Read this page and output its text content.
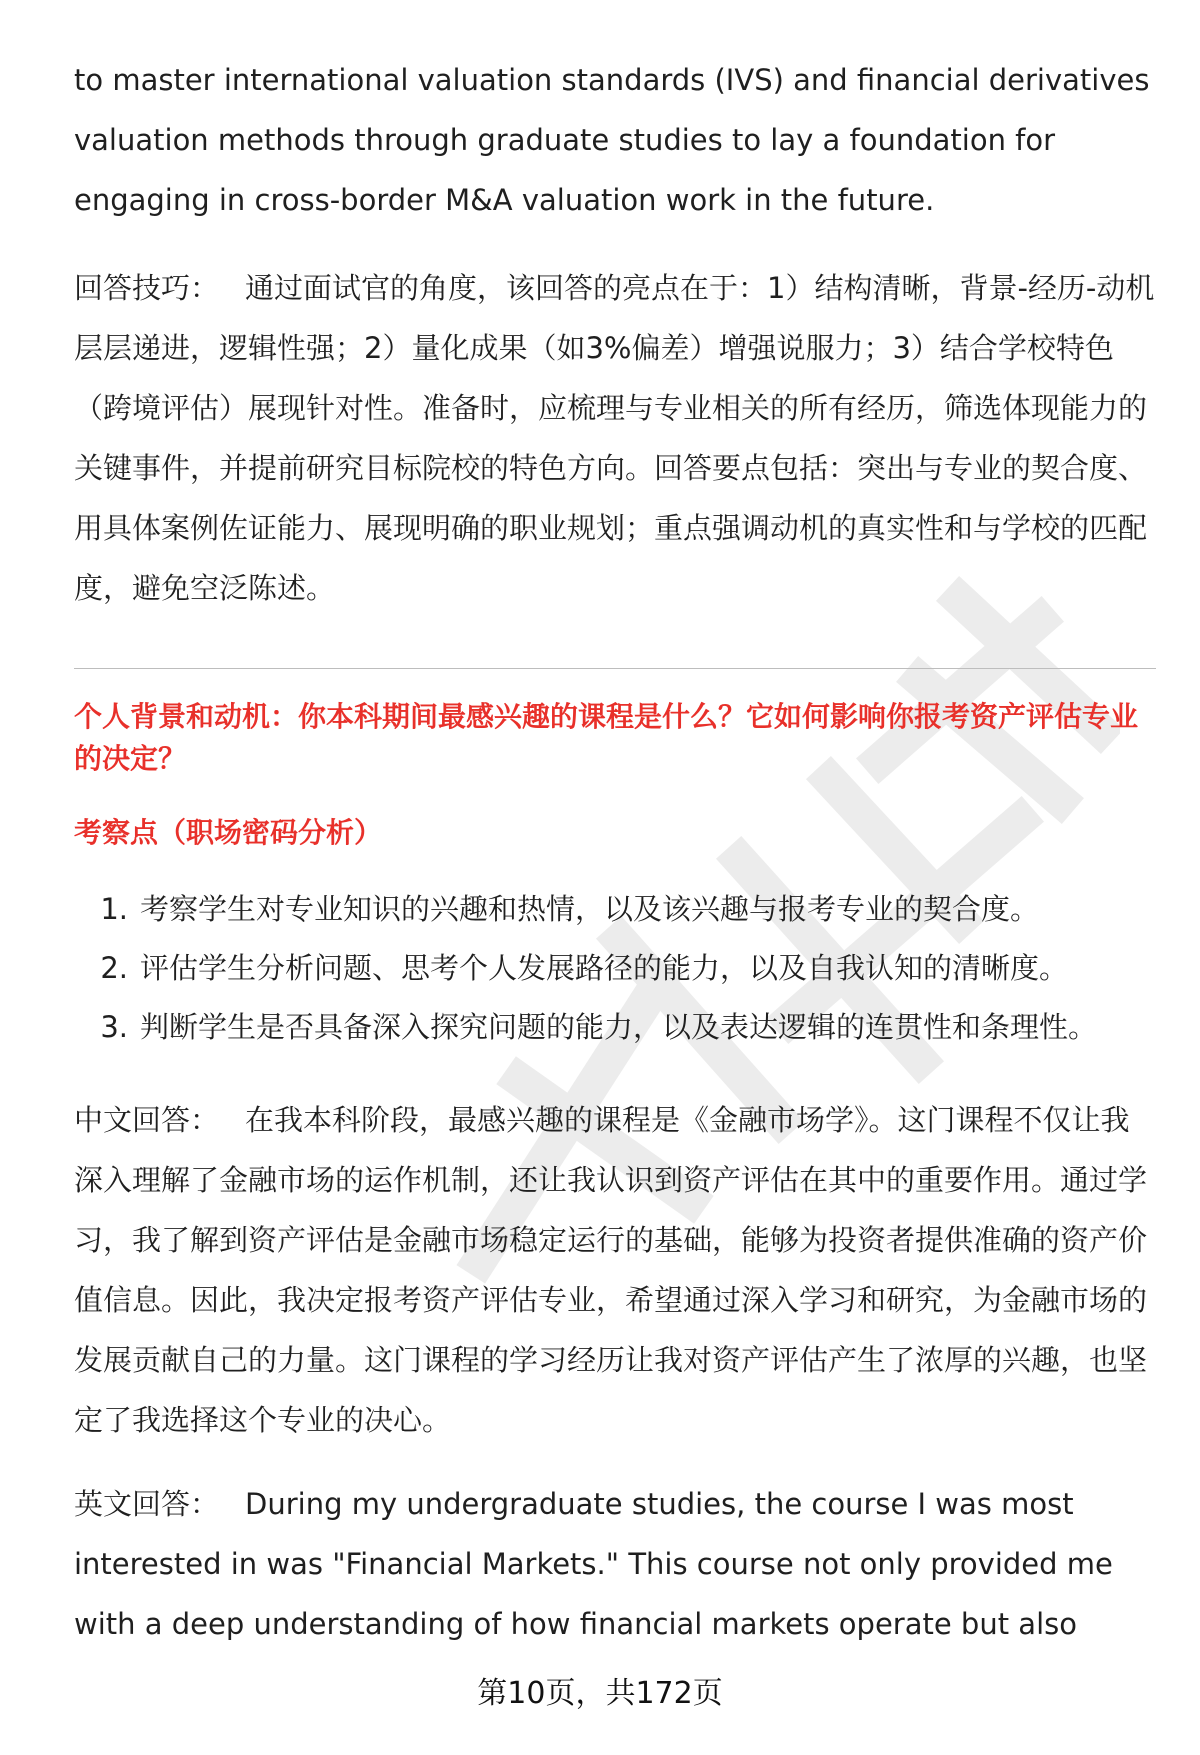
to master international valuation standards (IVS) and financial derivatives valuation methods through graduate studies to lay a foundation for engaging in cross-border M&A valuation work in the future.

回答技巧： 通过面试官的角度，该回答的亮点在于：1）结构清晰，背景-经历-动机层层递进，逻辑性强；2）量化成果（如3%偏差）增强说服力；3）结合学校特色（跨境评估）展现针对性。准备时，应梳理与专业相关的所有经历，筛选体现能力的关键事件，并提前研究目标院校的特色方向。回答要点包括：突出与专业的契合度、用具体案例佐证能力、展现明确的职业规划；重点强调动机的真实性和与学校的匹配度，避免空泛陈述。

个人背景和动机：你本科期间最感兴趣的课程是什么？它如何影响你报考资产评估专业的决定？
考察点（职场密码分析）
1. 考察学生对专业知识的兴趣和热情，以及该兴趣与报考专业的契合度。
2. 评估学生分析问题、思考个人发展路径的能力，以及自我认知的清晰度。
3. 判断学生是否具备深入探究问题的能力，以及表达逻辑的连贯性和条理性。

中文回答： 在我本科阶段，最感兴趣的课程是《金融市场学》。这门课程不仅让我深入理解了金融市场的运作机制，还让我认识到资产评估在其中的重要作用。通过学习，我了解到资产评估是金融市场稳定运行的基础，能够为投资者提供准确的资产价值信息。因此，我决定报考资产评估专业，希望通过深入学习和研究，为金融市场的发展贡献自己的力量。这门课程的学习经历让我对资产评估产生了浓厚的兴趣，也坚定了我选择这个专业的决心。

英文回答： During my undergraduate studies, the course I was most interested in was "Financial Markets." This course not only provided me with a deep understanding of how financial markets operate but also

第10页，共172页
